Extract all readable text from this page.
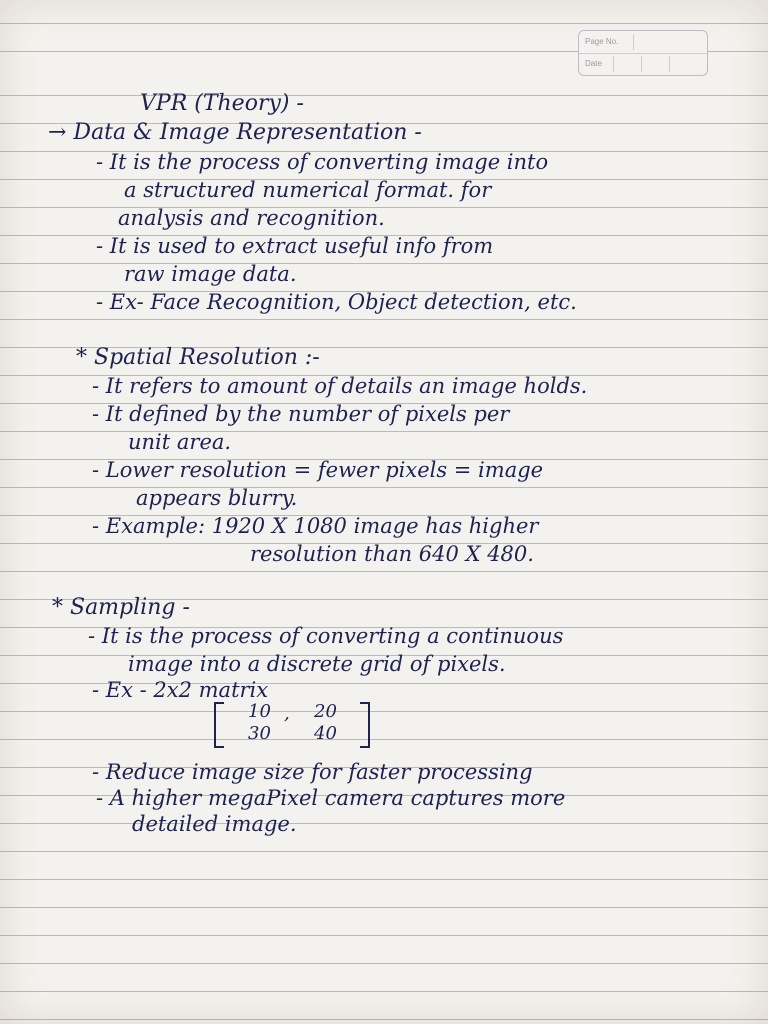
Page No.
Date
VPR (Theory) -
→ Data & Image Representation -
- It is the process of converting image into
a structured numerical format. for
analysis and recognition.
- It is used to extract useful info from
raw image data.
- Ex- Face Recognition, Object detection, etc.
* Spatial Resolution :-
- It refers to amount of details an image holds.
- It defined by the number of pixels per
unit area.
- Lower resolution = fewer pixels = image
appears blurry.
- Example: 1920 X 1080 image has higher
resolution than 640 X 480.
* Sampling -
- It is the process of converting a continuous
image into a discrete grid of pixels.
- Ex - 2x2 matrix
10 , 20
30 40
- Reduce image size for faster processing
- A higher megaPixel camera captures more
detailed image.
